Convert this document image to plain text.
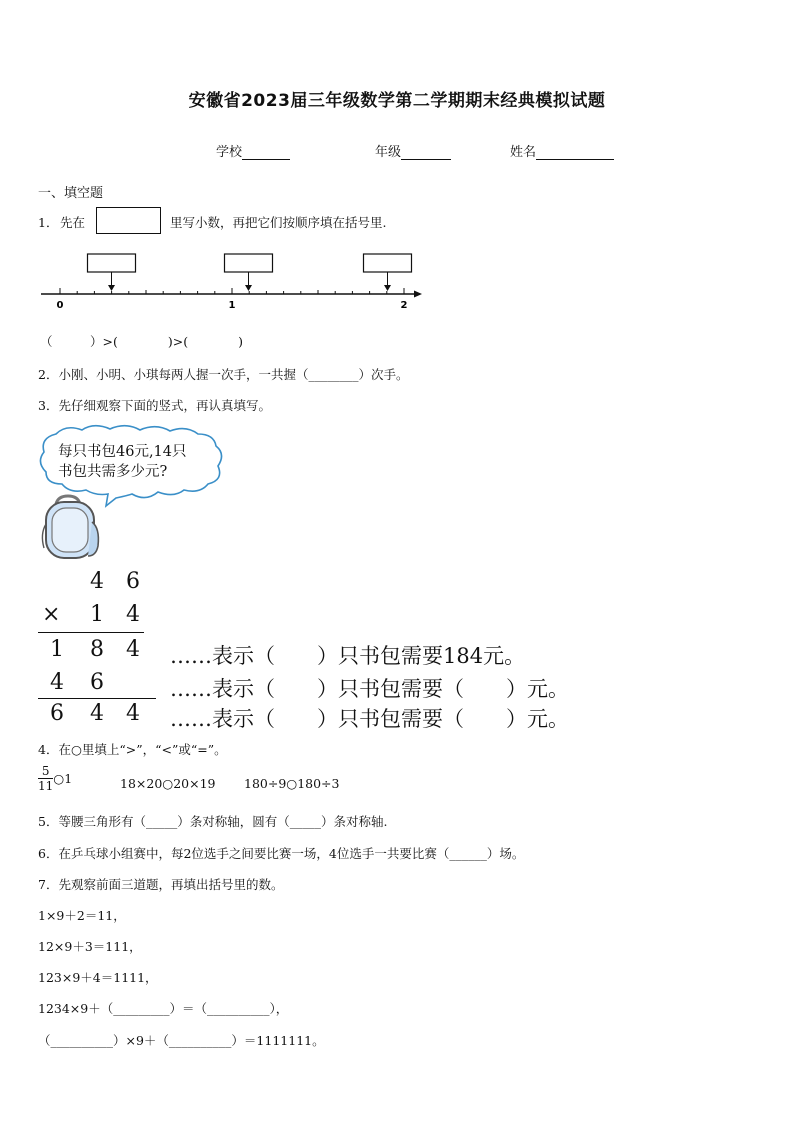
安徽省2023届三年级数学第二学期期末经典模拟试题
学校	年级	姓名
一、填空题
1． 先在	里写小数，再把它们按顺序填在括号里.
0	1	2
（　　　）>(　　　　)>(　　　　)
2．小刚、小明、小琪每两人握一次手，一共握（________）次手。
3．先仔细观察下面的竖式，再认真填写。
每只书包46元,14只
书包共需多少元?
4 6
× 1 4
1 8 4 ……表示（　　）只书包需要184元。
4 6	……表示（　　）只书包需要（　　）元。
6 4 4 ……表示（　　）只书包需要（　　）元。
4．在○里填上“>”，“<”或“=”。
$\frac{5}{11}$ ○1	18×20○20×19 180÷9○180÷3
5．等腰三角形有（_____）条对称轴，圆有（_____）条对称轴.
6．在乒乓球小组赛中，每2位选手之间要比赛一场，4位选手一共要比赛（______）场。
7．先观察前面三道题，再填出括号里的数。
1×9＋2＝11，
12×9＋3＝111，
123×9＋4＝1111，
1234×9＋（_________）＝（__________），
（__________）×9＋（__________）＝1111111。
